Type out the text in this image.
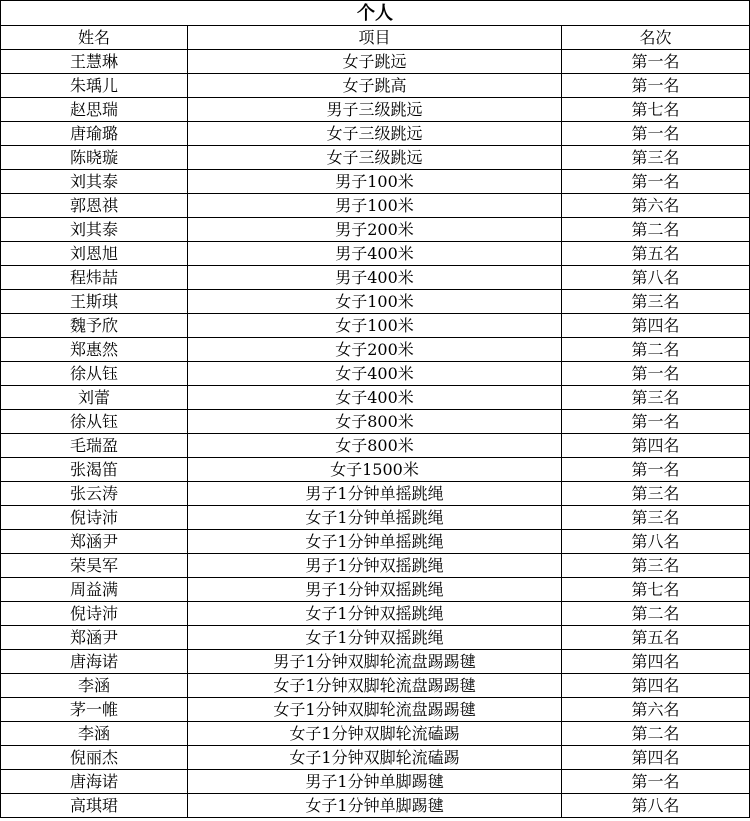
个人		
姓名	项目	名次
王慧琳	女子跳远	第一名
朱瑀儿	女子跳高	第一名
赵思瑞	男子三级跳远	第七名
唐瑜璐	女子三级跳远	第一名
陈晓璇	女子三级跳远	第三名
刘其泰	男子100米	第一名
郭恩祺	男子100米	第六名
刘其泰	男子200米	第二名
刘恩旭	男子400米	第五名
程炜喆	男子400米	第八名
王斯琪	女子100米	第三名
魏予欣	女子100米	第四名
郑惠然	女子200米	第二名
徐从钰	女子400米	第一名
刘蕾	女子400米	第三名
徐从钰	女子800米	第一名
毛瑞盈	女子800米	第四名
张渴笛	女子1500米	第一名
张云涛	男子1分钟单摇跳绳	第三名
倪诗沛	女子1分钟单摇跳绳	第三名
郑涵尹	女子1分钟单摇跳绳	第八名
荣昊军	男子1分钟双摇跳绳	第三名
周益满	男子1分钟双摇跳绳	第七名
倪诗沛	女子1分钟双摇跳绳	第二名
郑涵尹	女子1分钟双摇跳绳	第五名
唐海诺	男子1分钟双脚轮流盘踢踢毽	第四名
李涵	女子1分钟双脚轮流盘踢踢毽	第四名
茅一帷	女子1分钟双脚轮流盘踢踢毽	第六名
李涵	女子1分钟双脚轮流磕踢	第二名
倪丽杰	女子1分钟双脚轮流磕踢	第四名
唐海诺	男子1分钟单脚踢毽	第一名
高琪珺	女子1分钟单脚踢毽	第八名
